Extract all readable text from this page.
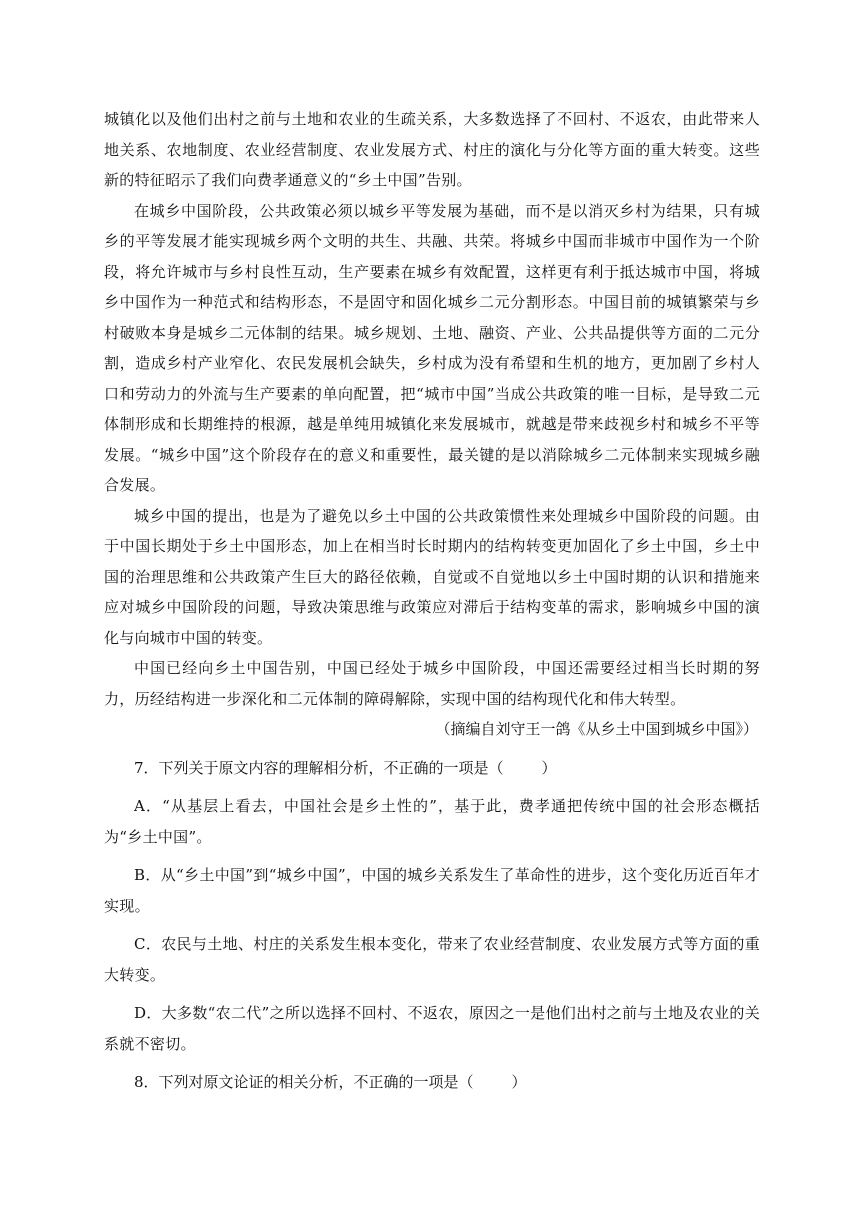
城镇化以及他们出村之前与土地和农业的生疏关系，大多数选择了不回村、不返农，由此带来人地关系、农地制度、农业经营制度、农业发展方式、村庄的演化与分化等方面的重大转变。这些新的特征昭示了我们向费孝通意义的“乡土中国”告别。

在城乡中国阶段，公共政策必须以城乡平等发展为基础，而不是以消灭乡村为结果，只有城乡的平等发展才能实现城乡两个文明的共生、共融、共荣。将城乡中国而非城市中国作为一个阶段，将允许城市与乡村良性互动，生产要素在城乡有效配置，这样更有利于抵达城市中国，将城乡中国作为一种范式和结构形态，不是固守和固化城乡二元分割形态。中国目前的城镇繁荣与乡村破败本身是城乡二元体制的结果。城乡规划、土地、融资、产业、公共品提供等方面的二元分割，造成乡村产业窄化、农民发展机会缺失，乡村成为没有希望和生机的地方，更加剧了乡村人口和劳动力的外流与生产要素的单向配置，把“城市中国”当成公共政策的唯一目标，是导致二元体制形成和长期维持的根源，越是单纯用城镇化来发展城市，就越是带来歧视乡村和城乡不平等发展。“城乡中国”这个阶段存在的意义和重要性，最关键的是以消除城乡二元体制来实现城乡融合发展。

城乡中国的提出，也是为了避免以乡土中国的公共政策惯性来处理城乡中国阶段的问题。由于中国长期处于乡土中国形态，加上在相当时长时期内的结构转变更加固化了乡土中国，乡土中国的治理思维和公共政策产生巨大的路径依赖，自觉或不自觉地以乡土中国时期的认识和措施来应对城乡中国阶段的问题，导致决策思维与政策应对滞后于结构变革的需求，影响城乡中国的演化与向城市中国的转变。

中国已经向乡土中国告别，中国已经处于城乡中国阶段，中国还需要经过相当长时期的努力，历经结构进一步深化和二元体制的障碍解除，实现中国的结构现代化和伟大转型。

（摘编自刘守王一鸽《从乡土中国到城乡中国》）

7．下列关于原文内容的理解相分析，不正确的一项是（	）

A．“从基层上看去，中国社会是乡土性的”，基于此，费孝通把传统中国的社会形态概括为“乡土中国”。

B．从“乡土中国”到“城乡中国”，中国的城乡关系发生了革命性的进步，这个变化历近百年才实现。

C．农民与土地、村庄的关系发生根本变化，带来了农业经营制度、农业发展方式等方面的重大转变。

D．大多数“农二代”之所以选择不回村、不返农，原因之一是他们出村之前与土地及农业的关系就不密切。

8．下列对原文论证的相关分析，不正确的一项是（	）
